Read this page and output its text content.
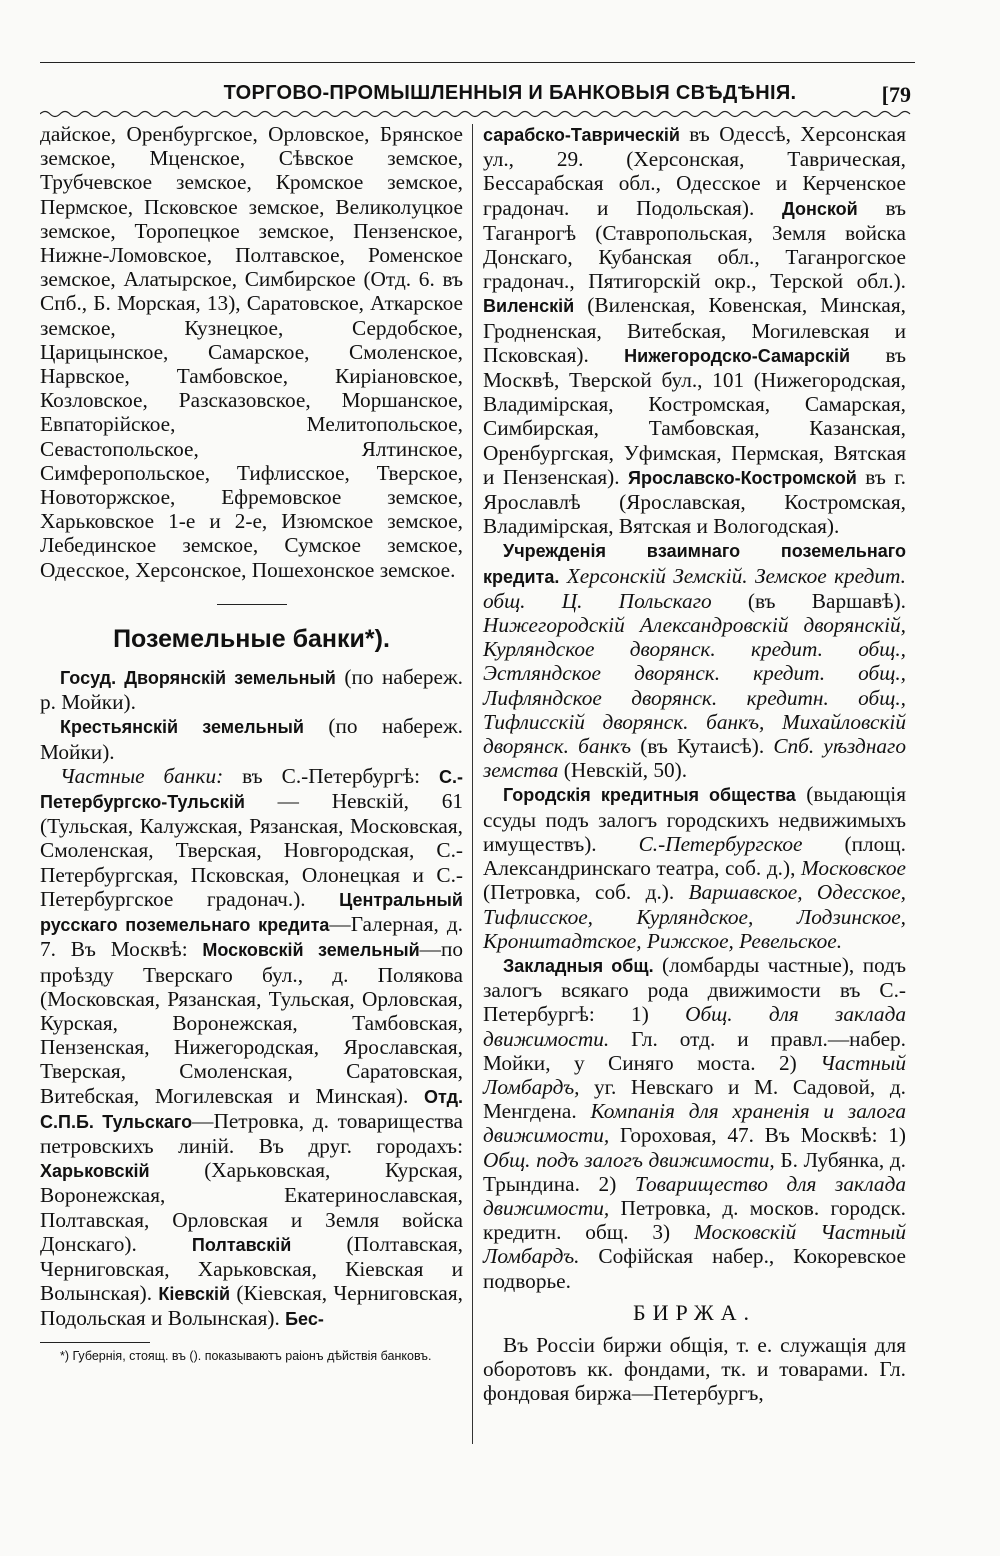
ТОРГОВО-ПРОМЫШЛЕННЫЯ И БАНКОВЫЯ СВѢДѢНIЯ.	[79

дайское, Оренбургское, Орловское, Брянское земское, Мценское, Сѣвское земское, Трубчевское земское, Кромское земское, Пермское, Псковское земское, Великолуцкое земское, Торопецкое земское, Пензенское, Нижне-Ломовское, Полтавское, Роменское земское, Алатырское, Симбирское (Отд. 6. въ Спб., Б. Морская, 13), Саратовское, Аткарское земское, Кузнецкое, Сердобское, Царицынское, Самарское, Смоленское, Нарвское, Тамбовское, Киріановское, Козловское, Разсказовское, Моршанское, Евпаторійское, Мелитопольское, Севастопольское, Ялтинское, Симферопольское, Тифлисское, Тверское, Новоторжское, Ефремовское земское, Харьковское 1-е и 2-е, Изюмское земское, Лебединское земское, Сумское земское, Одесское, Херсонское, Пошехонское земское.

Поземельные банки*).

Госуд. Дворянскій земельный (по набереж. р. Мойки).

Крестьянскій земельный (по набереж. Мойки).

Частные банки: въ С.-Петербургѣ: С.-Петербургско-Тульскій — Невскій, 61 (Тульская, Калужская, Рязанская, Московская, Смоленская, Тверская, Новгородская, С.-Петербургская, Псковская, Олонецкая и С.-Петербургское градонач.). Центральный русскаго поземельнаго кредита—Галерная, д. 7. Въ Москвѣ: Московскій земельный—по проѣзду Тверскаго бул., д. Полякова (Московская, Рязанская, Тульская, Орловская, Курская, Воронежская, Тамбовская, Пензенская, Нижегородская, Ярославская, Тверская, Смоленская, Саратовская, Витебская, Могилевская и Минская). Отд. С.П.Б. Тульскаго—Петровка, д. товарищества петровскихъ линій. Въ друг. городахъ: Харьковскій (Харьковская, Курская, Воронежская, Екатеринославская, Полтавская, Орловская и Земля войска Донскаго). Полтавскій (Полтавская, Черниговская, Харьковская, Кіевская и Волынская). Кіевскій (Кіевская, Черниговская, Подольская и Волынская). Бес-

*) Губернія, стоящ. въ (). показываютъ раіонъ дѣйствія банковъ.

сарабско-Таврическій въ Одессѣ, Херсонская ул., 29. (Херсонская, Таврическая, Бессарабская обл., Одесское и Керченское градонач. и Подольская). Донской въ Таганрогѣ (Ставропольская, Земля войска Донскаго, Кубанская обл., Таганрогское градонач., Пятигорскій окр., Терской обл.). Виленскій (Виленская, Ковенская, Минская, Гродненская, Витебская, Могилевская и Псковская). Нижегородско-Самарскій въ Москвѣ, Тверской бул., 101 (Нижегородская, Владимірская, Костромская, Самарская, Симбирская, Тамбовская, Казанская, Оренбургская, Уфимская, Пермская, Вятская и Пензенская). Ярославско-Костромской въ г. Ярославлѣ (Ярославская, Костромская, Владимірская, Вятская и Вологодская).

Учрежденія взаимнаго поземельнаго кредита. Херсонскій Земскій. Земское кредит. общ. Ц. Польскаго (въ Варшавѣ). Нижегородскій Александровскій дворянскій, Курляндское дворянск. кредит. общ., Эстляндское дворянск. кредит. общ., Лифляндское дворянск. кредитн. общ., Тифлисскій дворянск. банкъ, Михайловскій дворянск. банкъ (въ Кутаисѣ). Спб. уѣзднаго земства (Невскій, 50).

Городскія кредитныя общества (выдающія ссуды подъ залогъ городскихъ недвижимыхъ имуществъ). С.-Петербургское (площ. Александринскаго театра, соб. д.), Московское (Петровка, соб. д.). Варшавское, Одесское, Тифлисское, Курляндское, Лодзинское, Кронштадтское, Рижское, Ревельское.

Закладныя общ. (ломбарды частные), подъ залогъ всякаго рода движимости въ С.-Петербургѣ: 1) Общ. для заклада движимости. Гл. отд. и правл.—набер. Мойки, у Синяго моста. 2) Частный Ломбардъ, уг. Невскаго и М. Садовой, д. Менгдена. Компанія для храненія и залога движимости, Гороховая, 47. Въ Москвѣ: 1) Общ. подъ залогъ движимости, Б. Лубянка, д. Трындина. 2) Товарищество для заклада движимости, Петровка, д. москов. городск. кредитн. общ. 3) Московскій Частный Ломбардъ. Софійская набер., Кокоревское подворье.

БИРЖА.

Въ Россіи биржи общія, т. е. служащія для оборотовъ кк. фондами, тк. и товарами. Гл. фондовая биржа—Петербургъ,
